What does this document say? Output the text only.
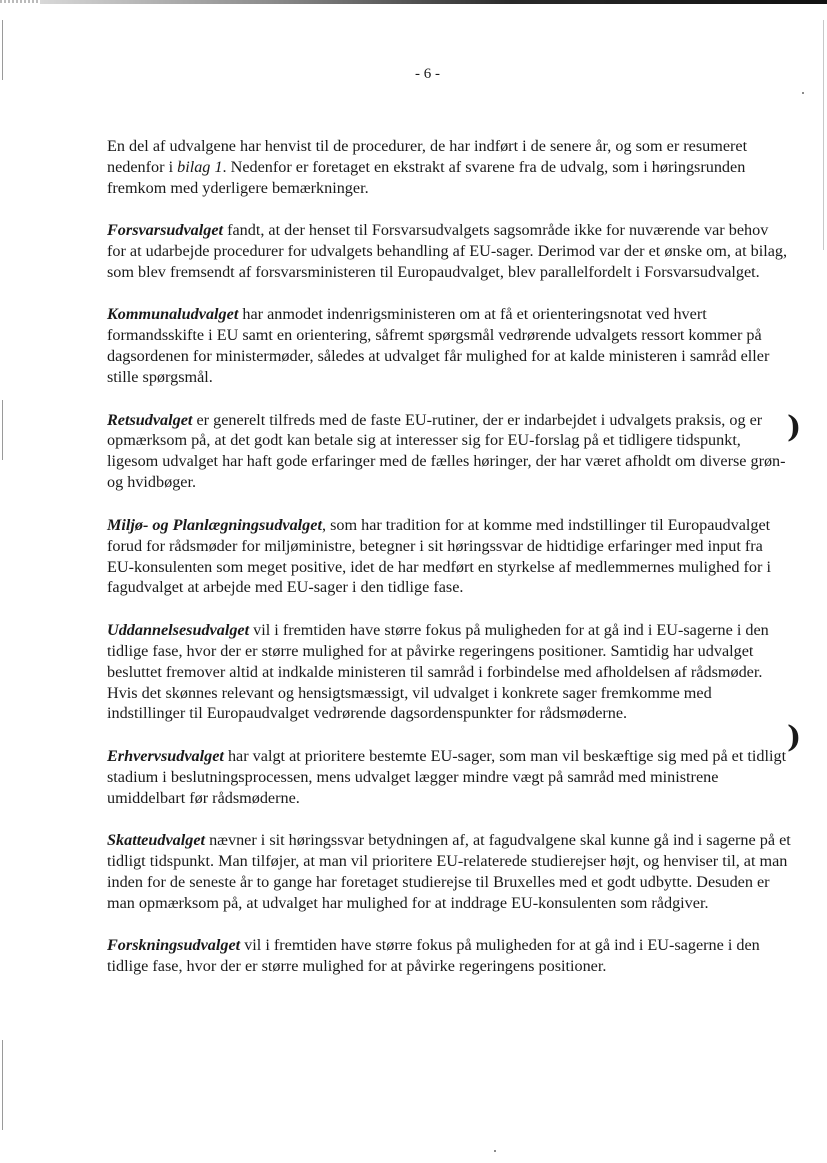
- 6 -

En del af udvalgene har henvist til de procedurer, de har indført i de senere år, og som er resumeret nedenfor i bilag 1. Nedenfor er foretaget en ekstrakt af svarene fra de udvalg, som i høringsrunden fremkom med yderligere bemærkninger.

Forsvarsudvalget fandt, at der henset til Forsvarsudvalgets sagsområde ikke for nuværende var behov for at udarbejde procedurer for udvalgets behandling af EU-sager. Derimod var der et ønske om, at bilag, som blev fremsendt af forsvarsministeren til Europaudvalget, blev parallelfordelt i Forsvarsudvalget.

Kommunaludvalget har anmodet indenrigsministeren om at få et orienteringsnotat ved hvert formandsskifte i EU samt en orientering, såfremt spørgsmål vedrørende udvalgets ressort kommer på dagsordenen for ministermøder, således at udvalget får mulighed for at kalde ministeren i samråd eller stille spørgsmål.

Retsudvalget er generelt tilfreds med de faste EU-rutiner, der er indarbejdet i udvalgets praksis, og er opmærksom på, at det godt kan betale sig at interesser sig for EU-forslag på et tidligere tidspunkt, ligesom udvalget har haft gode erfaringer med de fælles høringer, der har været afholdt om diverse grøn- og hvidbøger.

Miljø- og Planlægningsudvalget, som har tradition for at komme med indstillinger til Europaudvalget forud for rådsmøder for miljøministre, betegner i sit høringssvar de hidtidige erfaringer med input fra EU-konsulenten som meget positive, idet de har medført en styrkelse af medlemmernes mulighed for i fagudvalget at arbejde med EU-sager i den tidlige fase.

Uddannelsesudvalget vil i fremtiden have større fokus på muligheden for at gå ind i EU-sagerne i den tidlige fase, hvor der er større mulighed for at påvirke regeringens positioner. Samtidig har udvalget besluttet fremover altid at indkalde ministeren til samråd i forbindelse med afholdelsen af rådsmøder. Hvis det skønnes relevant og hensigtsmæssigt, vil udvalget i konkrete sager fremkomme med indstillinger til Europaudvalget vedrørende dagsordenspunkter for rådsmøderne.

Erhvervsudvalget har valgt at prioritere bestemte EU-sager, som man vil beskæftige sig med på et tidligt stadium i beslutningsprocessen, mens udvalget lægger mindre vægt på samråd med ministrene umiddelbart før rådsmøderne.

Skatteudvalget nævner i sit høringssvar betydningen af, at fagudvalgene skal kunne gå ind i sagerne på et tidligt tidspunkt. Man tilføjer, at man vil prioritere EU-relaterede studierejser højt, og henviser til, at man inden for de seneste år to gange har foretaget studierejse til Bruxelles med et godt udbytte. Desuden er man opmærksom på, at udvalget har mulighed for at inddrage EU-konsulenten som rådgiver.

Forskningsudvalget vil i fremtiden have større fokus på muligheden for at gå ind i EU-sagerne i den tidlige fase, hvor der er større mulighed for at påvirke regeringens positioner.

)
)
